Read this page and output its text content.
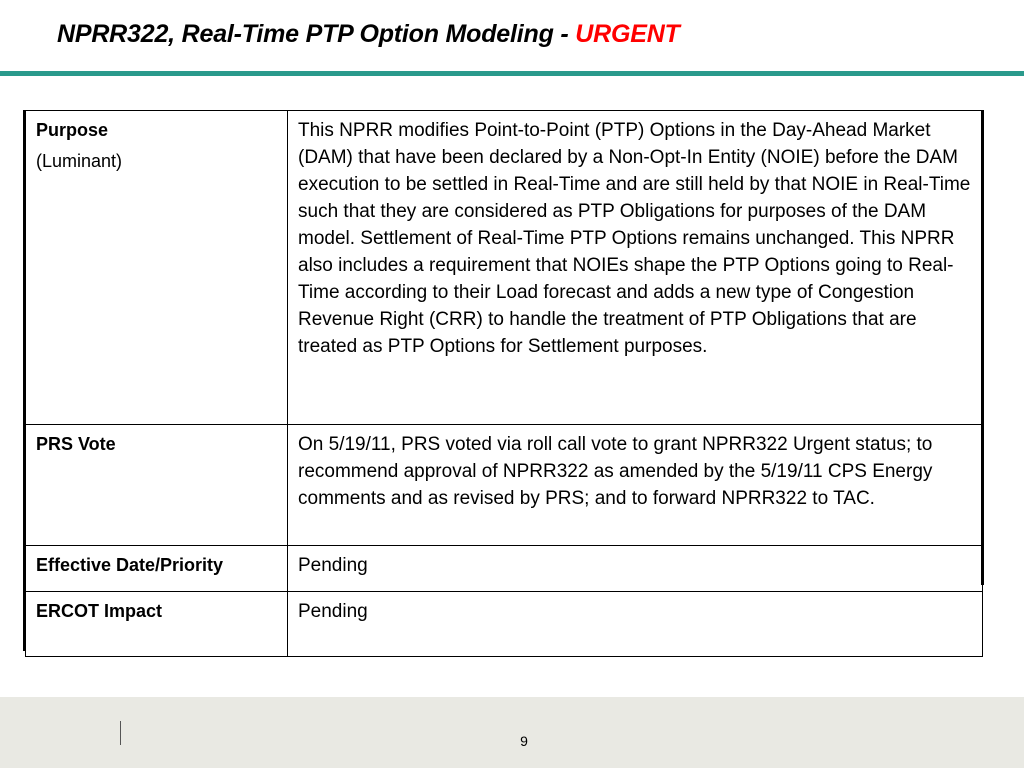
NPRR322, Real-Time PTP Option Modeling - URGENT
Purpose
(Luminant)	This NPRR modifies Point-to-Point (PTP) Options in the Day-Ahead Market (DAM) that have been declared by a Non-Opt-In Entity (NOIE) before the DAM execution to be settled in Real-Time and are still held by that NOIE in Real-Time such that they are considered as PTP Obligations for purposes of the DAM model. Settlement of Real-Time PTP Options remains unchanged. This NPRR also includes a requirement that NOIEs shape the PTP Options going to Real-Time according to their Load forecast and adds a new type of Congestion Revenue Right (CRR) to handle the treatment of PTP Obligations that are treated as PTP Options for Settlement purposes.

PRS Vote	On 5/19/11, PRS voted via roll call vote to grant NPRR322 Urgent status; to recommend approval of NPRR322 as amended by the 5/19/11 CPS Energy comments and as revised by PRS; and to forward NPRR322 to TAC.

Effective Date/Priority	Pending

ERCOT Impact	Pending
9
